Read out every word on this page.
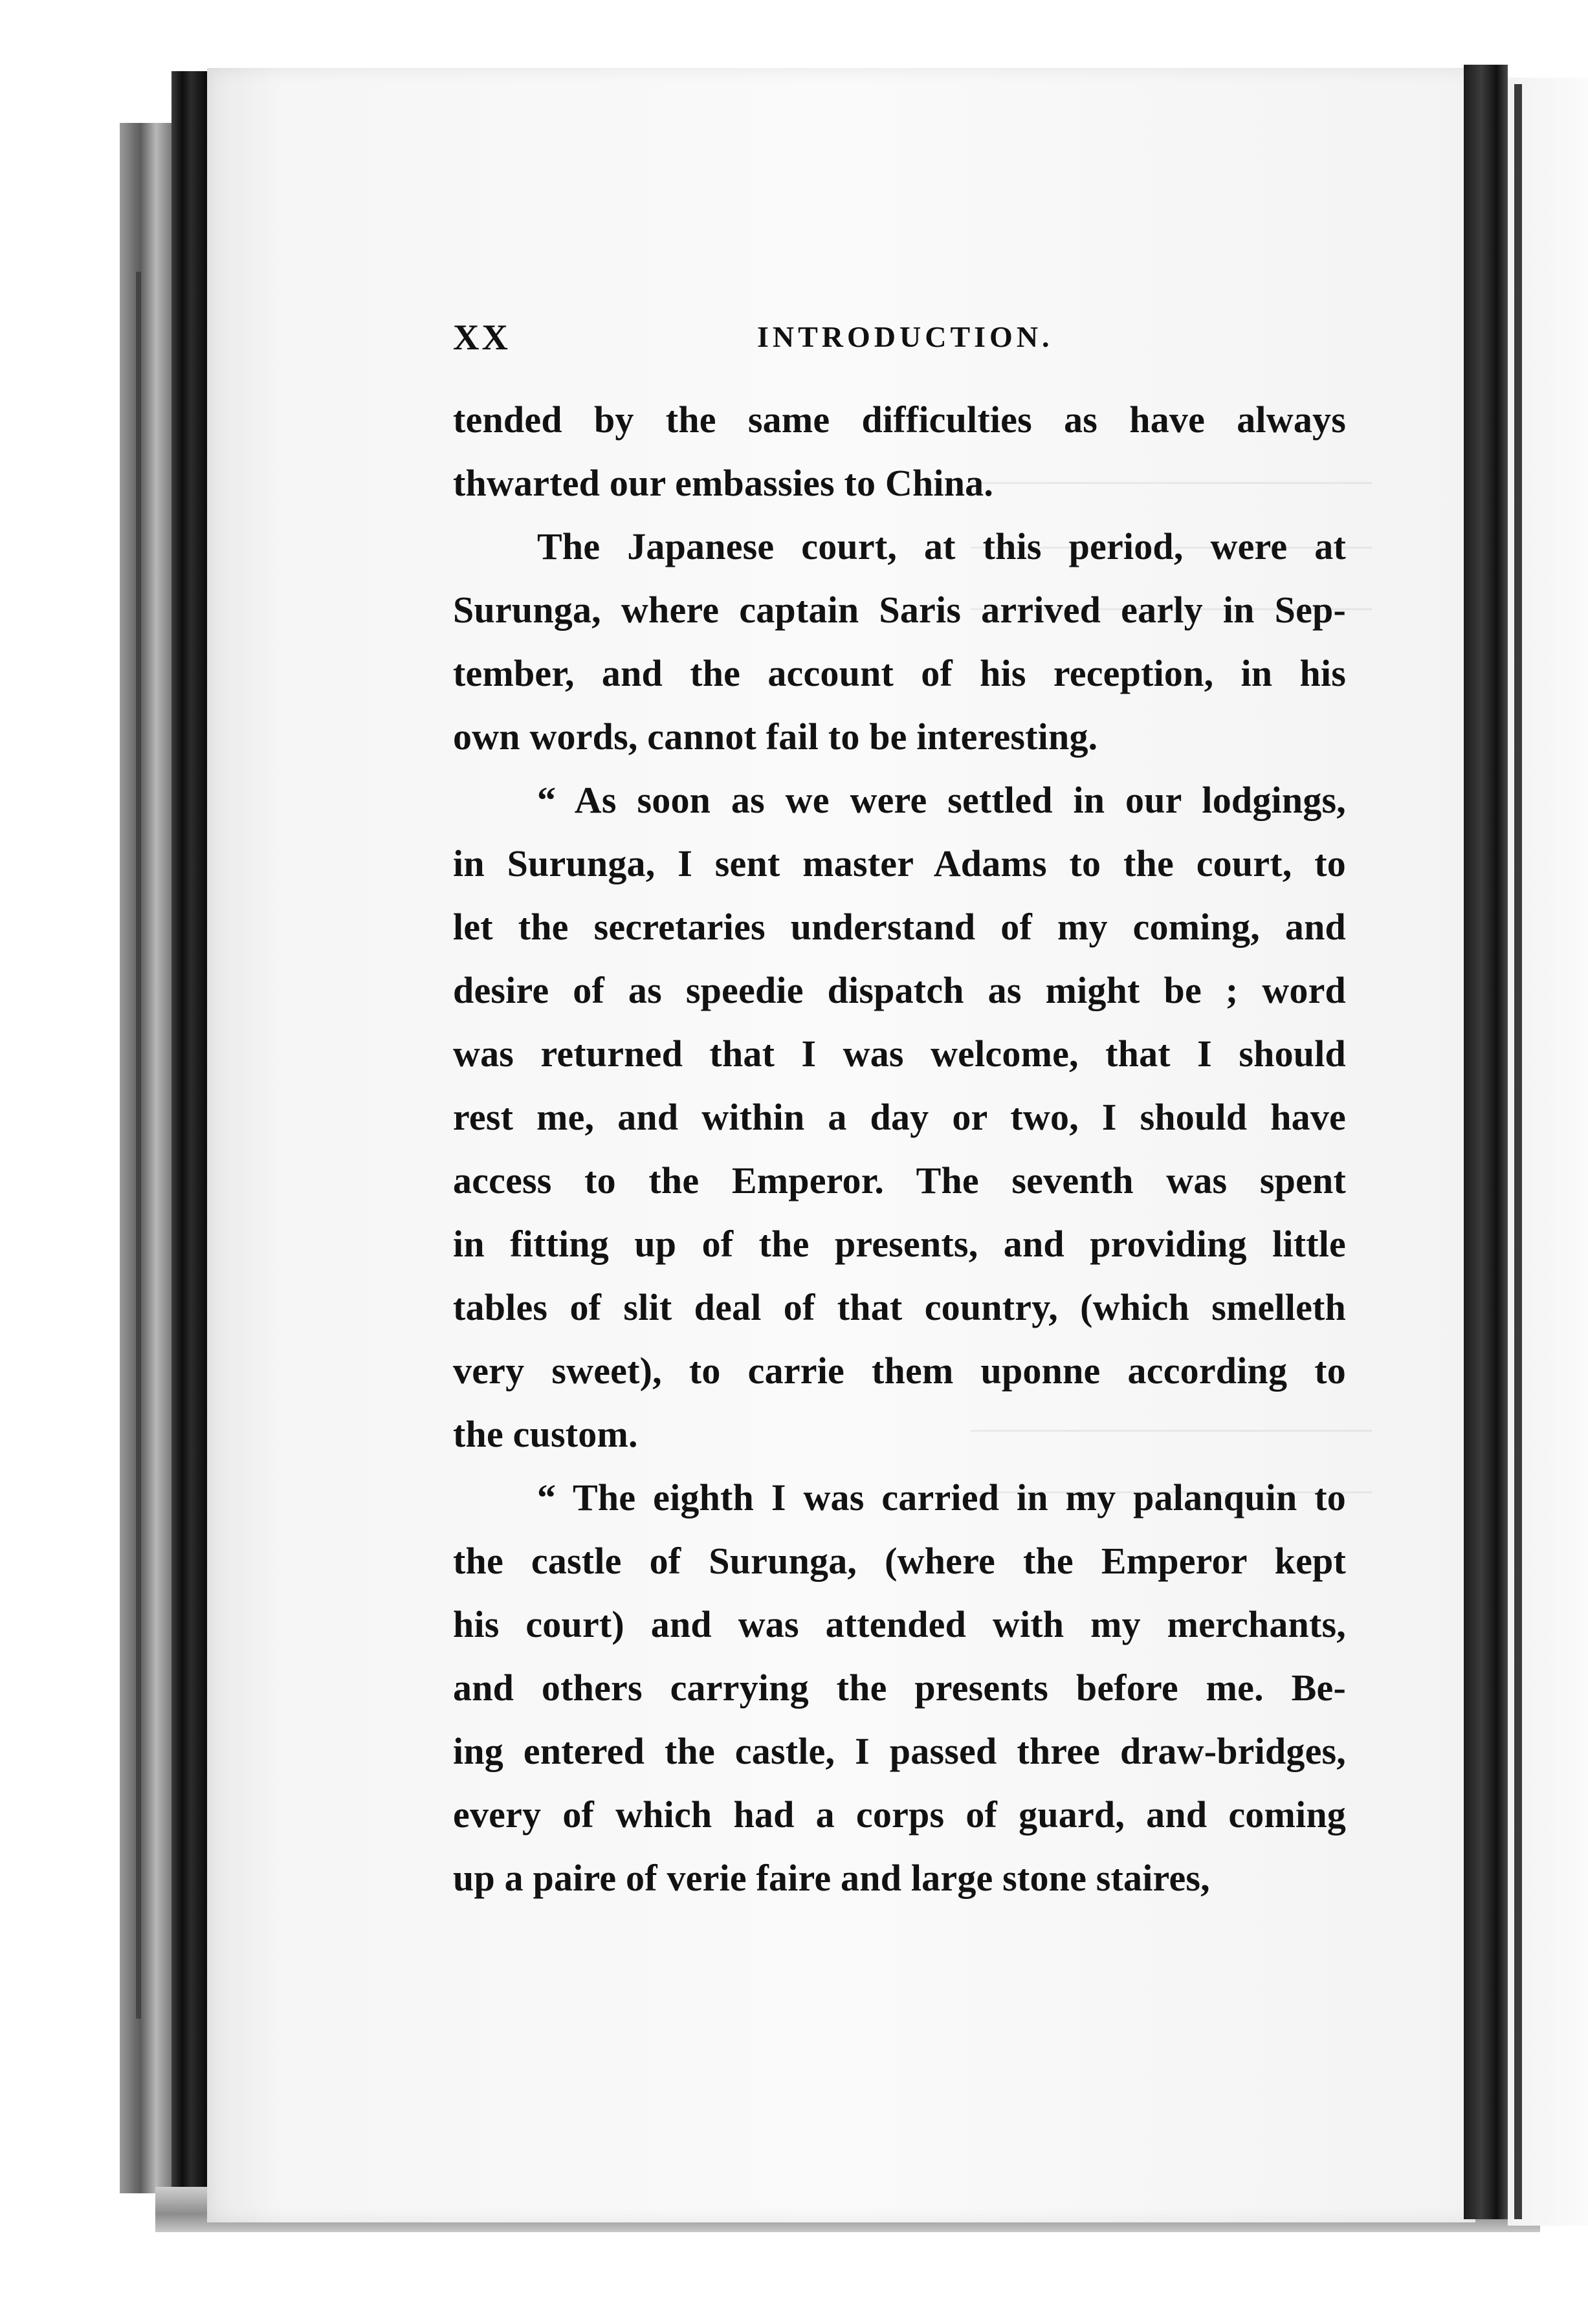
XX	INTRODUCTION.
tended by the same difficulties as have always
thwarted our embassies to China.
The Japanese court, at this period, were at
Surunga, where captain Saris arrived early in Sep-
tember, and the account of his reception, in his
own words, cannot fail to be interesting.
“ As soon as we were settled in our lodgings,
in Surunga, I sent master Adams to the court, to
let the secretaries understand of my coming, and
desire of as speedie dispatch as might be ; word
was returned that I was welcome, that I should
rest me, and within a day or two, I should have
access to the Emperor. The seventh was spent
in fitting up of the presents, and providing little
tables of slit deal of that country, (which smelleth
very sweet), to carrie them uponne according to
the custom.
“ The eighth I was carried in my palanquin to
the castle of Surunga, (where the Emperor kept
his court) and was attended with my merchants,
and others carrying the presents before me. Be-
ing entered the castle, I passed three draw-bridges,
every of which had a corps of guard, and coming
up a paire of verie faire and large stone staires,
